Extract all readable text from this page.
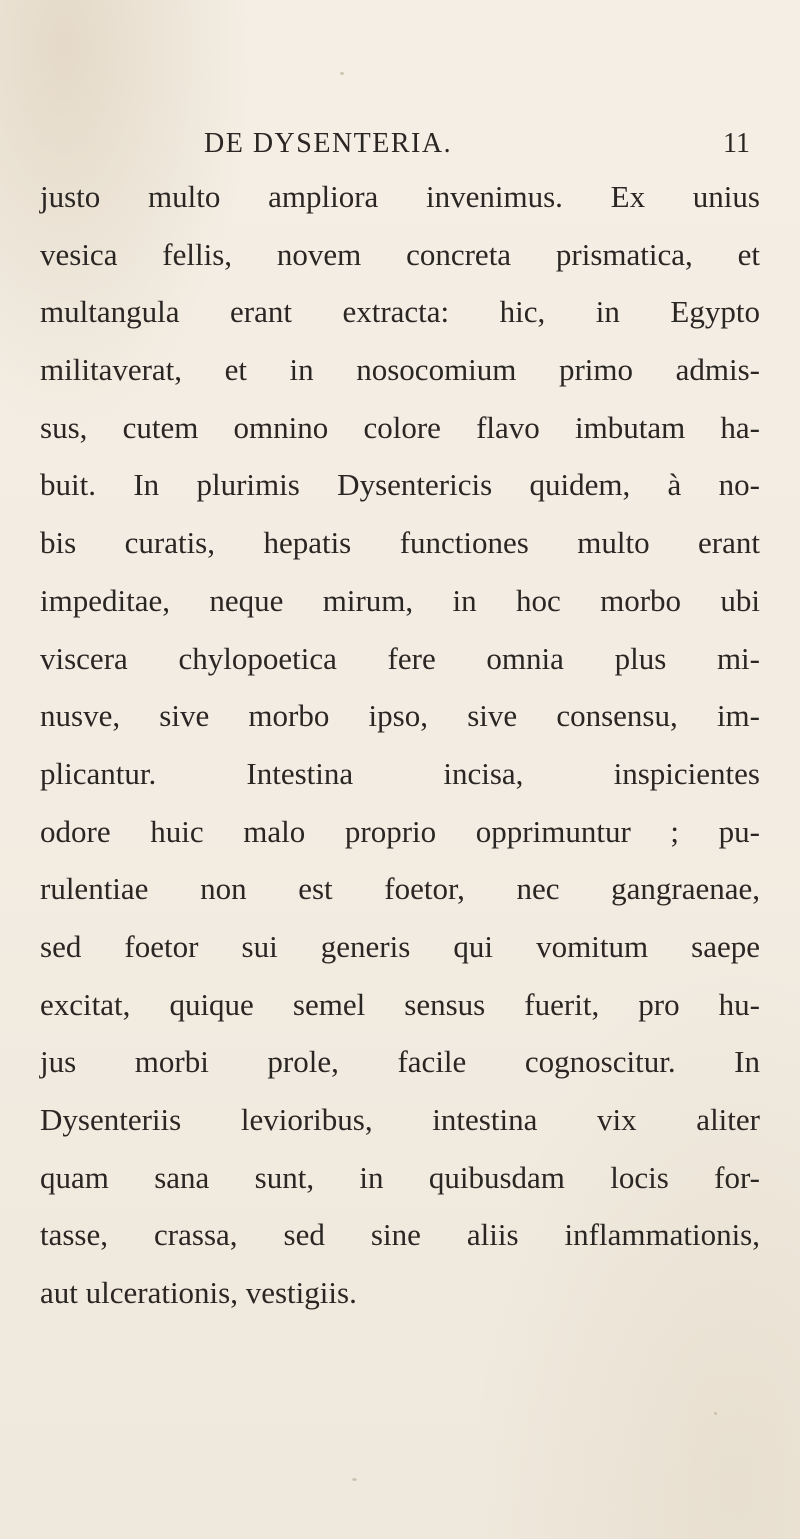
DE DYSENTERIA.	11
justo multo ampliora invenimus. Ex unius
vesica fellis, novem concreta prismatica, et
multangula erant extracta: hic, in Egypto
militaverat, et in nosocomium primo admis-
sus, cutem omnino colore flavo imbutam ha-
buit. In plurimis Dysentericis quidem, à no-
bis curatis, hepatis functiones multo erant
impeditae, neque mirum, in hoc morbo ubi
viscera chylopoetica fere omnia plus mi-
nusve, sive morbo ipso, sive consensu, im-
plicantur. Intestina incisa, inspicientes
odore huic malo proprio opprimuntur ; pu-
rulentiae non est foetor, nec gangraenae,
sed foetor sui generis qui vomitum saepe
excitat, quique semel sensus fuerit, pro hu-
jus morbi prole, facile cognoscitur. In
Dysenteriis levioribus, intestina vix aliter
quam sana sunt, in quibusdam locis for-
tasse, crassa, sed sine aliis inflammationis,
aut ulcerationis, vestigiis.
